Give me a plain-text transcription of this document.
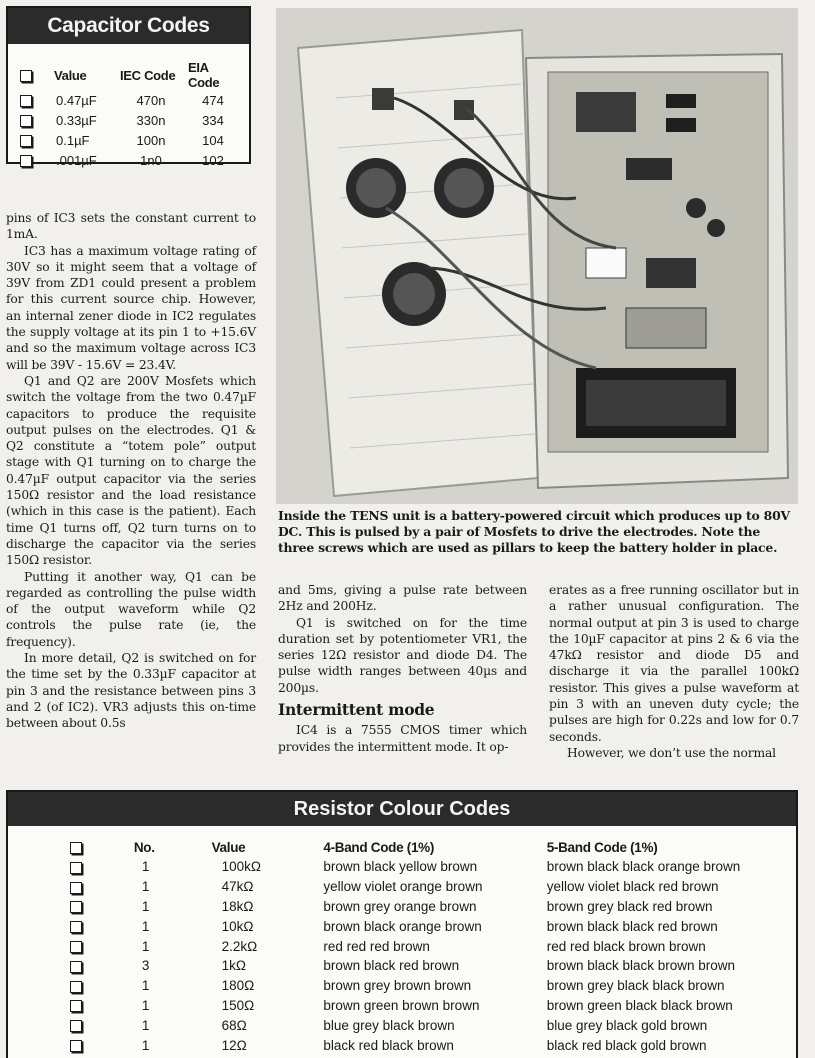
Capacitor Codes
	Value	IEC Code	EIA Code
	0.47µF	470n	474
	0.33µF	330n	334
	0.1µF	100n	104
	.001µF	1n0	102

pins of IC3 sets the constant current to 1mA.

IC3 has a maximum voltage rating of 30V so it might seem that a voltage of 39V from ZD1 could present a problem for this current source chip. However, an internal zener diode in IC2 regulates the supply voltage at its pin 1 to +15.6V and so the maximum voltage across IC3 will be 39V - 15.6V = 23.4V.

Q1 and Q2 are 200V Mosfets which switch the voltage from the two 0.47µF capacitors to produce the requisite output pulses on the electrodes. Q1 & Q2 constitute a “totem pole” output stage with Q1 turning on to charge the 0.47µF output capacitor via the series 150Ω resistor and the load resistance (which in this case is the patient). Each time Q1 turns off, Q2 turn turns on to discharge the capacitor via the series 150Ω resistor.

Putting it another way, Q1 can be regarded as controlling the pulse width of the output waveform while Q2 controls the pulse rate (ie, the frequency).

In more detail, Q2 is switched on for the time set by the 0.33µF capacitor at pin 3 and the resistance between pins 3 and 2 (of IC2). VR3 adjusts this on-time between about 0.5s

Inside the TENS unit is a battery-powered circuit which produces up to 80V DC. This is pulsed by a pair of Mosfets to drive the electrodes. Note the three screws which are used as pillars to keep the battery holder in place.

and 5ms, giving a pulse rate between 2Hz and 200Hz.

Q1 is switched on for the time duration set by potentiometer VR1, the series 12Ω resistor and diode D4. The pulse width ranges between 40µs and 200µs.

Intermittent mode

IC4 is a 7555 CMOS timer which provides the intermittent mode. It op-

erates as a free running oscillator but in a rather unusual configuration. The normal output at pin 3 is used to charge the 10µF capacitor at pins 2 & 6 via the 47kΩ resistor and diode D5 and discharge it via the parallel 100kΩ resistor. This gives a pulse waveform at pin 3 with an uneven duty cycle; the pulses are high for 0.22s and low for 0.7 seconds.

However, we don’t use the normal

Resistor Colour Codes
	No.	Value	4-Band Code (1%)	5-Band Code (1%)
	1	100kΩ	brown black yellow brown	brown black black orange brown
	1	47kΩ	yellow violet orange brown	yellow violet black red brown
	1	18kΩ	brown grey orange brown	brown grey black red brown
	1	10kΩ	brown black orange brown	brown black black red brown
	1	2.2kΩ	red red red brown	red red black brown brown
	3	1kΩ	brown black red brown	brown black black brown brown
	1	180Ω	brown grey brown brown	brown grey black black brown
	1	150Ω	brown green brown brown	brown green black black brown
	1	68Ω	blue grey black brown	blue grey black gold brown
	1	12Ω	black red black brown	black red black gold brown
